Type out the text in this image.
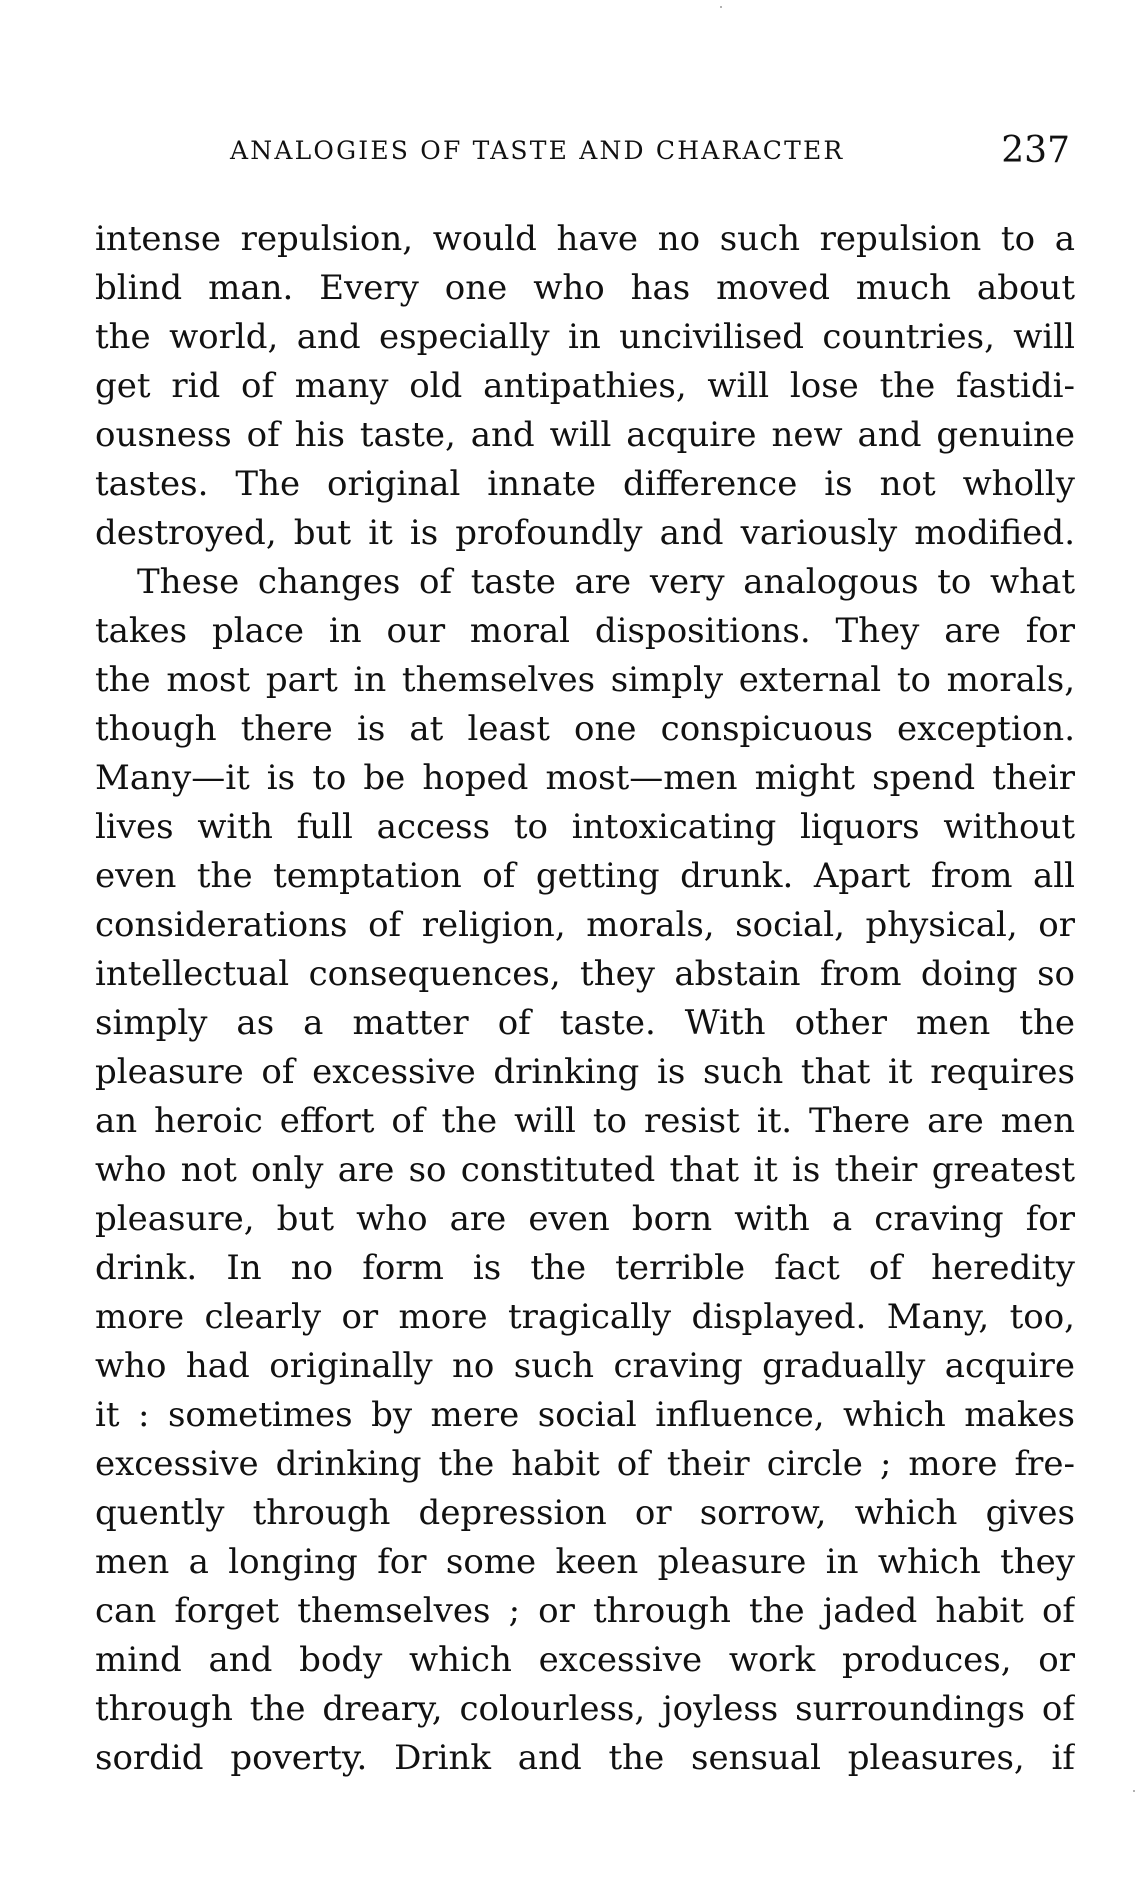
ANALOGIES OF TASTE AND CHARACTER	237
intense repulsion, would have no such repulsion to a
blind man. Every one who has moved much about
the world, and especially in uncivilised countries, will
get rid of many old antipathies, will lose the fastidi-
ousness of his taste, and will acquire new and genuine
tastes. The original innate difference is not wholly
destroyed, but it is profoundly and variously modified.
These changes of taste are very analogous to what
takes place in our moral dispositions. They are for
the most part in themselves simply external to morals,
though there is at least one conspicuous exception.
Many—it is to be hoped most—men might spend their
lives with full access to intoxicating liquors without
even the temptation of getting drunk. Apart from all
considerations of religion, morals, social, physical, or
intellectual consequences, they abstain from doing so
simply as a matter of taste. With other men the
pleasure of excessive drinking is such that it requires
an heroic effort of the will to resist it. There are men
who not only are so constituted that it is their greatest
pleasure, but who are even born with a craving for
drink. In no form is the terrible fact of heredity
more clearly or more tragically displayed. Many, too,
who had originally no such craving gradually acquire
it : sometimes by mere social influence, which makes
excessive drinking the habit of their circle ; more fre-
quently through depression or sorrow, which gives
men a longing for some keen pleasure in which they
can forget themselves ; or through the jaded habit of
mind and body which excessive work produces, or
through the dreary, colourless, joyless surroundings of
sordid poverty. Drink and the sensual pleasures, if
